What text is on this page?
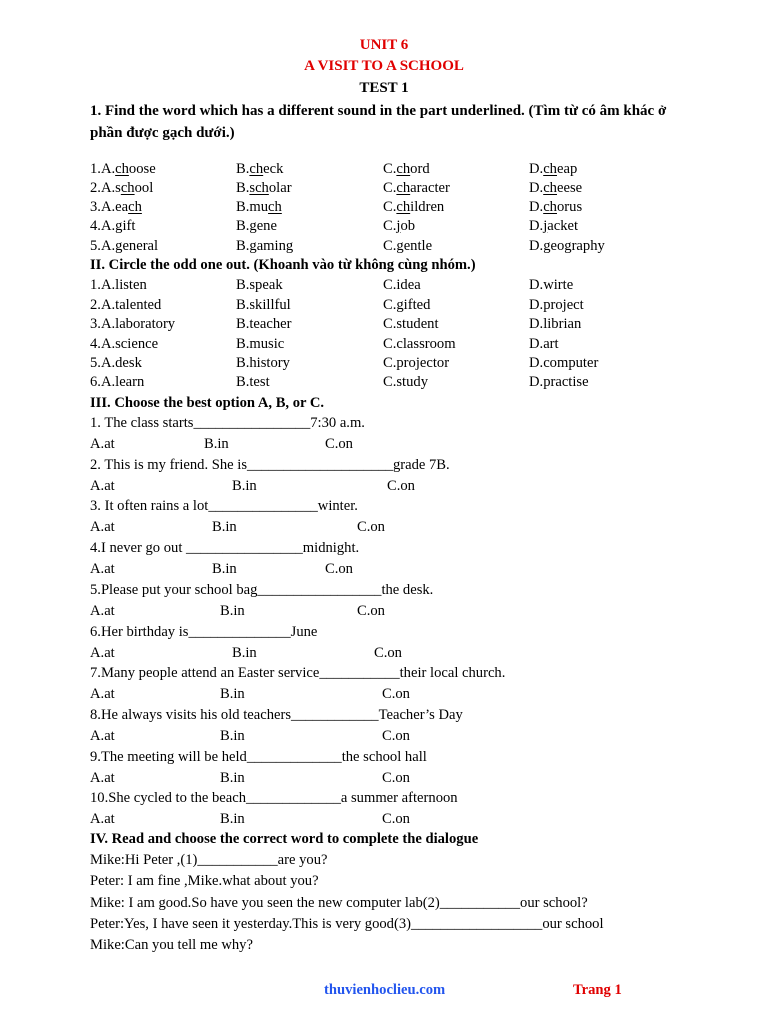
UNIT 6
A VISIT TO A SCHOOL
TEST 1
1. Find the word which has a different sound in the part underlined. (Tìm từ có âm khác ở phần được gạch dưới.)
1.A.choose	B.check	C.chord	D.cheap
2.A.school	B.scholar	C.character	D.cheese
3.A.each	B.much	C.children	D.chorus
4.A.gift	B.gene	C.job	D.jacket
5.A.general	B.gaming	C.gentle	D.geography
II. Circle the odd one out. (Khoanh vào từ không cùng nhóm.)
1.A.listen	B.speak	C.idea	D.wirte
2.A.talented	B.skillful	C.gifted	D.project
3.A.laboratory	B.teacher	C.student	D.librian
4.A.science	B.music	C.classroom	D.art
5.A.desk	B.history	C.projector	D.computer
6.A.learn	B.test	C.study	D.practise
III. Choose the best option A, B, or C.
1. The class starts________________7:30 a.m.
A.at	B.in	C.on
2. This is my friend. She is____________________grade 7B.
A.at	B.in	C.on
3. It often rains a lot_______________winter.
A.at	B.in	C.on
4.I never go out ________________midnight.
A.at	B.in	C.on
5.Please put your school bag_________________the desk.
A.at	B.in	C.on
6.Her birthday is______________June
A.at	B.in	C.on
7.Many people attend an Easter service___________their local church.
A.at	B.in	C.on
8.He always visits his old teachers____________Teacher’s Day
A.at	B.in	C.on
9.The meeting will be held_____________the school hall
A.at	B.in	C.on
10.She cycled to the beach_____________a summer afternoon
A.at	B.in	C.on
IV. Read and choose the correct word to complete the dialogue
Mike:Hi Peter ,(1)___________are you?
Peter: I am fine ,Mike.what about you?
Mike: I am good.So have you seen the new computer lab(2)___________our school?
Peter:Yes, I have seen it yesterday.This is very good(3)__________________our school
Mike:Can you tell me why?
thuvienhoclieu.com	Trang 1
